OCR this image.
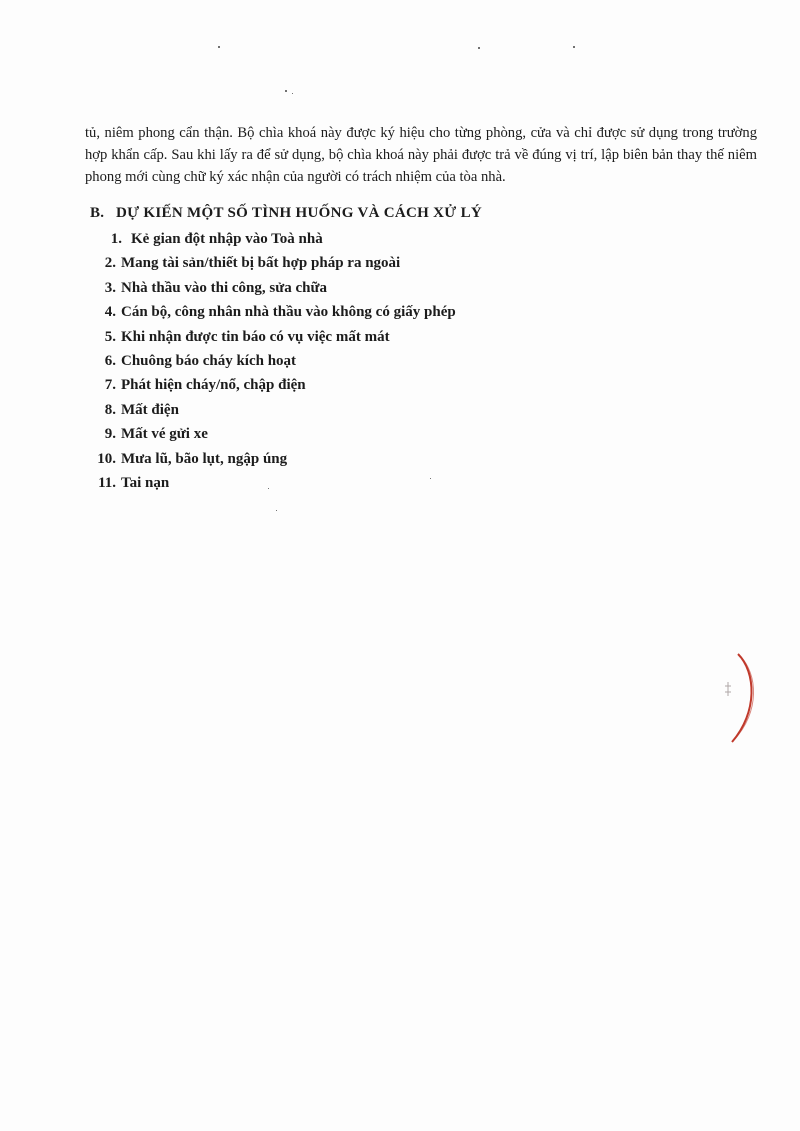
tủ, niêm phong cẩn thận. Bộ chìa khoá này được ký hiệu cho từng phòng, cửa và chỉ được sử dụng trong trường hợp khẩn cấp. Sau khi lấy ra để sử dụng, bộ chìa khoá này phải được trả về đúng vị trí, lập biên bản thay thế niêm phong mới cùng chữ ký xác nhận của người có trách nhiệm của tòa nhà.

B. DỰ KIẾN MỘT SỐ TÌNH HUỐNG VÀ CÁCH XỬ LÝ
1. Kẻ gian đột nhập vào Toà nhà
2. Mang tài sản/thiết bị bất hợp pháp ra ngoài
3. Nhà thầu vào thi công, sửa chữa
4. Cán bộ, công nhân nhà thầu vào không có giấy phép
5. Khi nhận được tin báo có vụ việc mất mát
6. Chuông báo cháy kích hoạt
7. Phát hiện cháy/nổ, chập điện
8. Mất điện
9. Mất vé gửi xe
10. Mưa lũ, bão lụt, ngập úng
11. Tai nạn
